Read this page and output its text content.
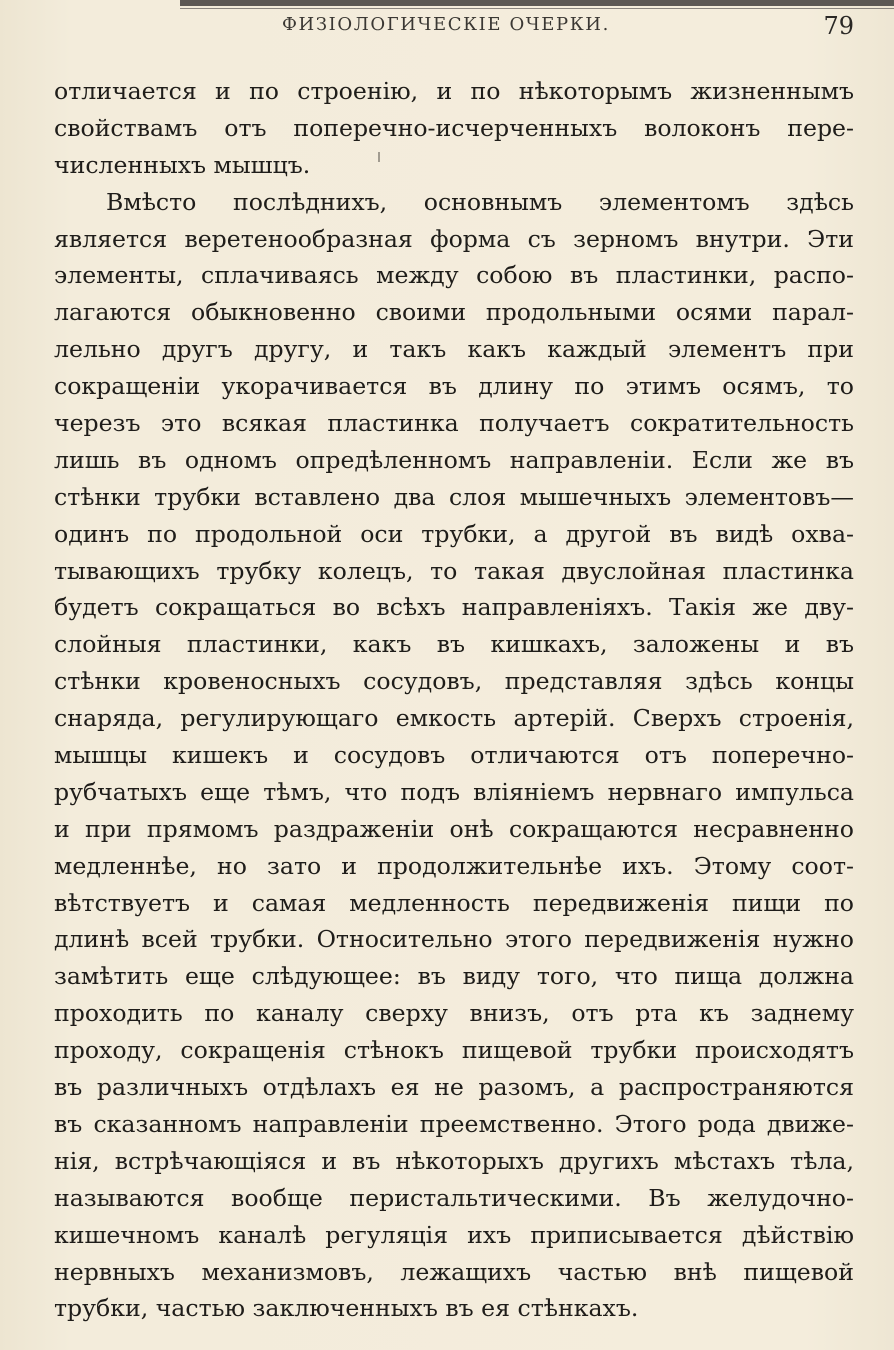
ФИЗІОЛОГИЧЕСКІЕ ОЧЕРКИ.	79
отличается и по строенію, и по нѣкоторымъ жизненнымъ
свойствамъ отъ поперечно-исчерченныхъ волоконъ пере-
численныхъ мышцъ.
Вмѣсто послѣднихъ, основнымъ элементомъ здѣсь
является веретенообразная форма съ зерномъ внутри. Эти
элементы, сплачиваясь между собою въ пластинки, распо-
лагаются обыкновенно своими продольными осями парал-
лельно другъ другу, и такъ какъ каждый элементъ при
сокращеніи укорачивается въ длину по этимъ осямъ, то
черезъ это всякая пластинка получаетъ сократительность
лишь въ одномъ опредѣленномъ направленіи. Если же въ
стѣнки трубки вставлено два слоя мышечныхъ элементовъ—
одинъ по продольной оси трубки, а другой въ видѣ охва-
тывающихъ трубку колецъ, то такая двуслойная пластинка
будетъ сокращаться во всѣхъ направленіяхъ. Такія же дву-
слойныя пластинки, какъ въ кишкахъ, заложены и въ
стѣнки кровеносныхъ сосудовъ, представляя здѣсь концы
снаряда, регулирующаго емкость артерій. Сверхъ строенія,
мышцы кишекъ и сосудовъ отличаются отъ поперечно-
рубчатыхъ еще тѣмъ, что подъ вліяніемъ нервнаго импульса
и при прямомъ раздраженіи онѣ сокращаются несравненно
медленнѣе, но зато и продолжительнѣе ихъ. Этому соот-
вѣтствуетъ и самая медленность передвиженія пищи по
длинѣ всей трубки. Относительно этого передвиженія нужно
замѣтить еще слѣдующее: въ виду того, что пища должна
проходить по каналу сверху внизъ, отъ рта къ заднему
проходу, сокращенія стѣнокъ пищевой трубки происходятъ
въ различныхъ отдѣлахъ ея не разомъ, а распространяются
въ сказанномъ направленіи преемственно. Этого рода движе-
нія, встрѣчающіяся и въ нѣкоторыхъ другихъ мѣстахъ тѣла,
называются вообще перистальтическими. Въ желудочно-
кишечномъ каналѣ регуляція ихъ приписывается дѣйствію
нервныхъ механизмовъ, лежащихъ частью внѣ пищевой
трубки, частью заключенныхъ въ ея стѣнкахъ.
